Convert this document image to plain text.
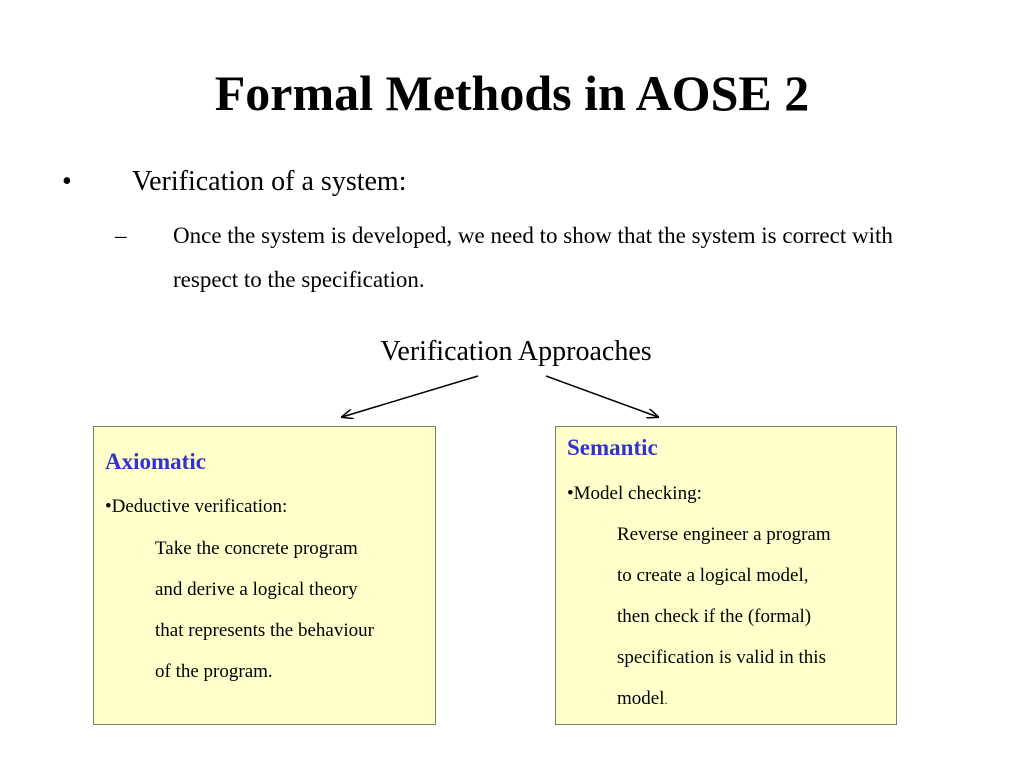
Formal Methods in AOSE 2
• Verification of a system:
– Once the system is developed, we need to show that the system is correct with respect to the specification.
Verification Approaches
Axiomatic
•Deductive verification:
Take the concrete program
and derive a logical theory
that represents the behaviour
of the program.
Semantic
•Model checking:
Reverse engineer a program
to create a logical model,
then check if the (formal)
specification is valid in this
model.
